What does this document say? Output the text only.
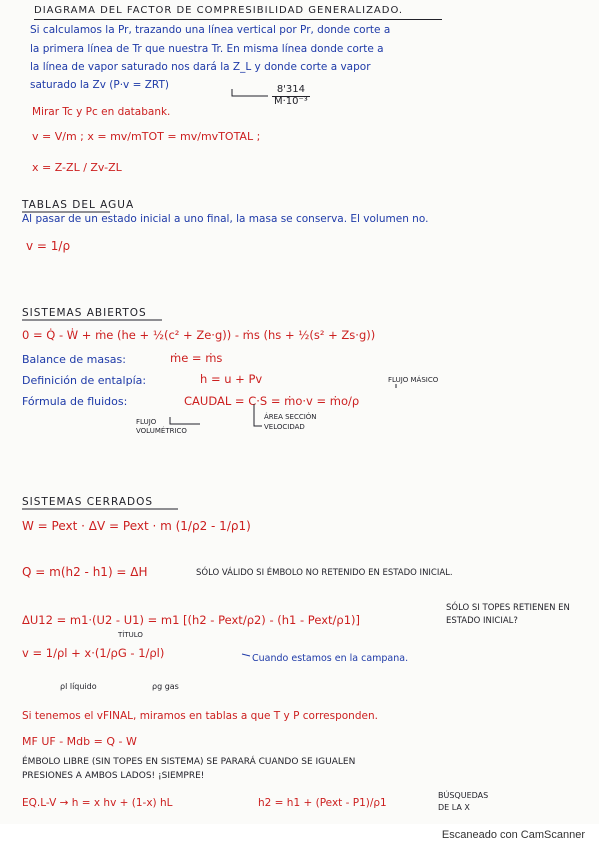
DIAGRAMA DEL FACTOR DE COMPRESIBILIDAD GENERALIZADO.
Si calculamos la Pr, trazando una línea vertical por Pr, donde corte a
la primera línea de Tr que nuestra Tr. En misma línea donde corte a
la línea de vapor saturado nos dará la Z_L y donde corte a vapor
saturado la Zv (P·v = ZRT)	$\frac{8'314}{\text{M·10⁻³}}$
Mirar Tc y Pc en databank.
v = V/m ; x = mv/mTOT = mv/mvTOTAL ;
x = Z-ZL / Zv-ZL
TABLAS DEL AGUA
Al pasar de un estado inicial a uno final, la masa se conserva. El volumen no.
v = 1/ρ
SISTEMAS ABIERTOS
0 = Q̇ - Ẇ + ṁe (he + ½(c² + Ze·g)) - ṁs (hs + ½(s² + Zs·g))
Balance de masas:	ṁe = ṁs
Definición de entalpía:	h = u + Pv	FLUJO MÁSICO
Fórmula de fluidos:	CAUDAL = C·S = ṁo·v = ṁo/ρ
FLUJO
VOLUMÉTRICO
ÁREA SECCIÓN
VELOCIDAD
SISTEMAS CERRADOS
W = Pext · ΔV = Pext · m (1/ρ2 - 1/ρ1)
Q = m(h2 - h1) = ΔH	SÓLO VÁLIDO SI ÉMBOLO NO RETENIDO EN ESTADO INICIAL.
ΔU12 = m1·(U2 - U1) = m1 [(h2 - Pext/ρ2) - (h1 - Pext/ρ1)]
SÓLO SI TOPES RETIENEN EN ESTADO INICIAL?
TÍTULO
v = 1/ρl + x·(1/ρG - 1/ρl)	Cuando estamos en la campana.
ρl líquido	ρg gas
Si tenemos el vFINAL, miramos en tablas a que T y P corresponden.
MF UF - Mdb = Q - W
ÉMBOLO LIBRE (SIN TOPES EN SISTEMA) SE PARARÁ CUANDO SE IGUALEN
PRESIONES A AMBOS LADOS! ¡SIEMPRE!
EQ.L-V → h = x hv + (1-x) hL	h2 = h1 + (Pext - P1)/ρ1
BÚSQUEDAS
DE LA X
Escaneado con CamScanner
